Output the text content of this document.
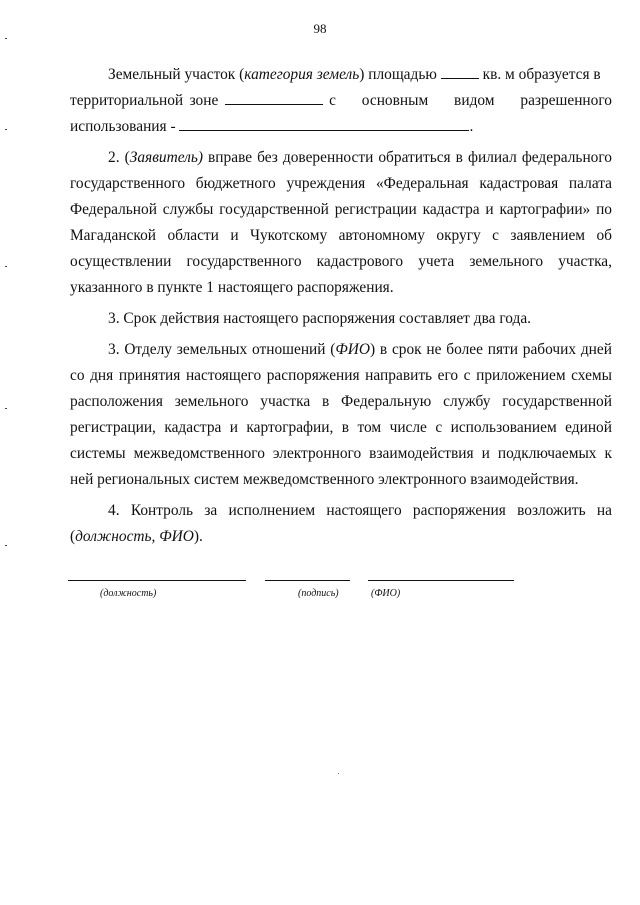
98

Земельный участок (категория земель) площадью	кв. м образуется в

территориальной зоне	с основным видом разрешенного
использования -	.

2. (Заявитель) вправе без доверенности обратиться в филиал федерального государственного бюджетного учреждения «Федеральная кадастровая палата Федеральной службы государственной регистрации кадастра и картографии» по Магаданской области и Чукотскому автономному округу с заявлением об осуществлении государственного кадастрового учета земельного участка, указанного в пункте 1 настоящего распоряжения.

3. Срок действия настоящего распоряжения составляет два года.

3. Отделу земельных отношений (ФИО) в срок не более пяти рабочих дней со дня принятия настоящего распоряжения направить его с приложением схемы расположения земельного участка в Федеральную службу государственной регистрации, кадастра и картографии, в том числе с использованием единой системы межведомственного электронного взаимодействия и подключаемых к ней региональных систем межведомственного электронного взаимодействия.

4. Контроль за исполнением настоящего распоряжения возложить на (должность, ФИО).

(должность)	(подпись)	(ФИО)
